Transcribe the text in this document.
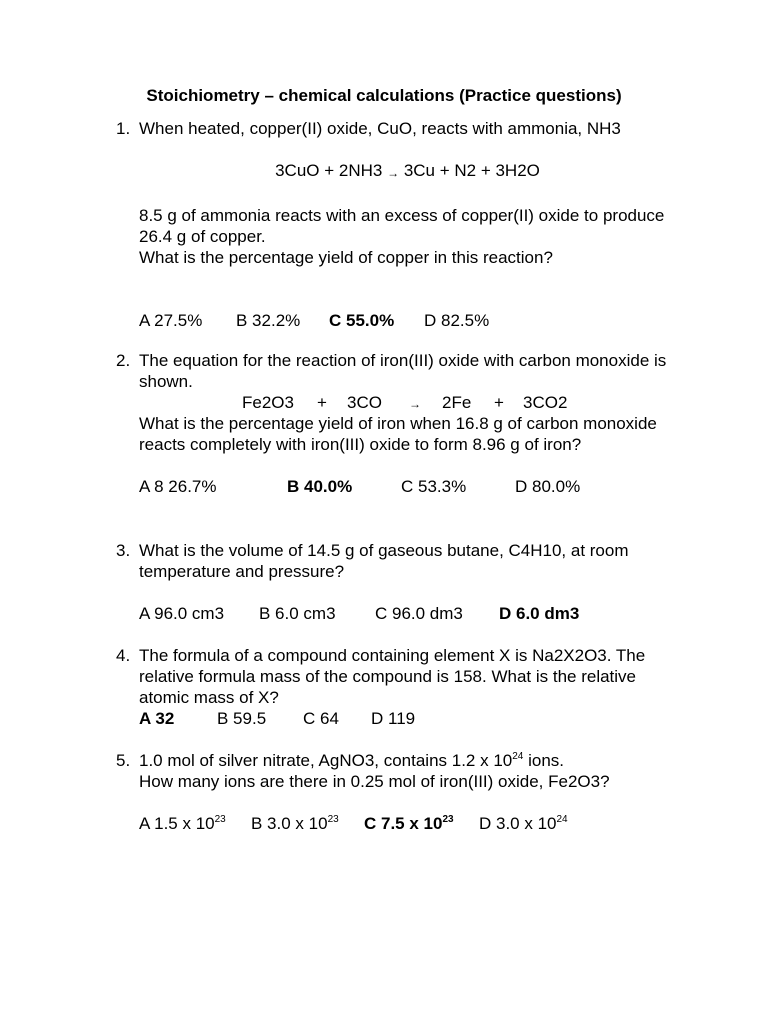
Stoichiometry – chemical calculations (Practice questions)
1. When heated, copper(II) oxide, CuO, reacts with ammonia, NH3
3CuO + 2NH3 → 3Cu + N2 + 3H2O
8.5 g of ammonia reacts with an excess of copper(II) oxide to produce 26.4 g of copper.
What is the percentage yield of copper in this reaction?
A 27.5% B 32.2% C 55.0% D 82.5%
2. The equation for the reaction of iron(III) oxide with carbon monoxide is shown.
Fe2O3 + 3CO → 2Fe + 3CO2
What is the percentage yield of iron when 16.8 g of carbon monoxide reacts completely with iron(III) oxide to form 8.96 g of iron?
A 8 26.7%	B 40.0%	C 53.3%	D 80.0%
3. What is the volume of 14.5 g of gaseous butane, C4H10, at room temperature and pressure?
A 96.0 cm3 B 6.0 cm3 C 96.0 dm3 D 6.0 dm3
4. The formula of a compound containing element X is Na2X2O3. The relative formula mass of the compound is 158. What is the relative atomic mass of X?
A 32	B 59.5 C 64 D 119
5. 1.0 mol of silver nitrate, AgNO3, contains 1.2 x $10^{24}$ ions.
How many ions are there in 0.25 mol of iron(III) oxide, Fe2O3?
A 1.5 x $10^{23}$ B 3.0 x $10^{23}$ C 7.5 x $10^{23}$ D 3.0 x $10^{24}$
